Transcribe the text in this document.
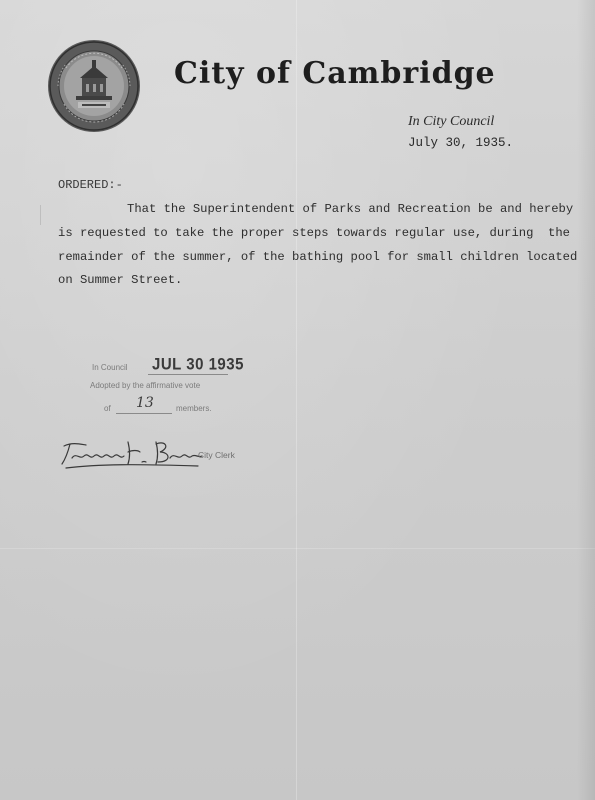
City of Cambridge
In City Council
July 30, 1935.
ORDERED:-
That the Superintendent of Parks and Recreation be and hereby
is requested to take the proper steps towards regular use, during  the
remainder of the summer, of the bathing pool for small children located
on Summer Street.
In Council JUL 30 1935
Adopted by the affirmative vote
of 13	members.
City Clerk
